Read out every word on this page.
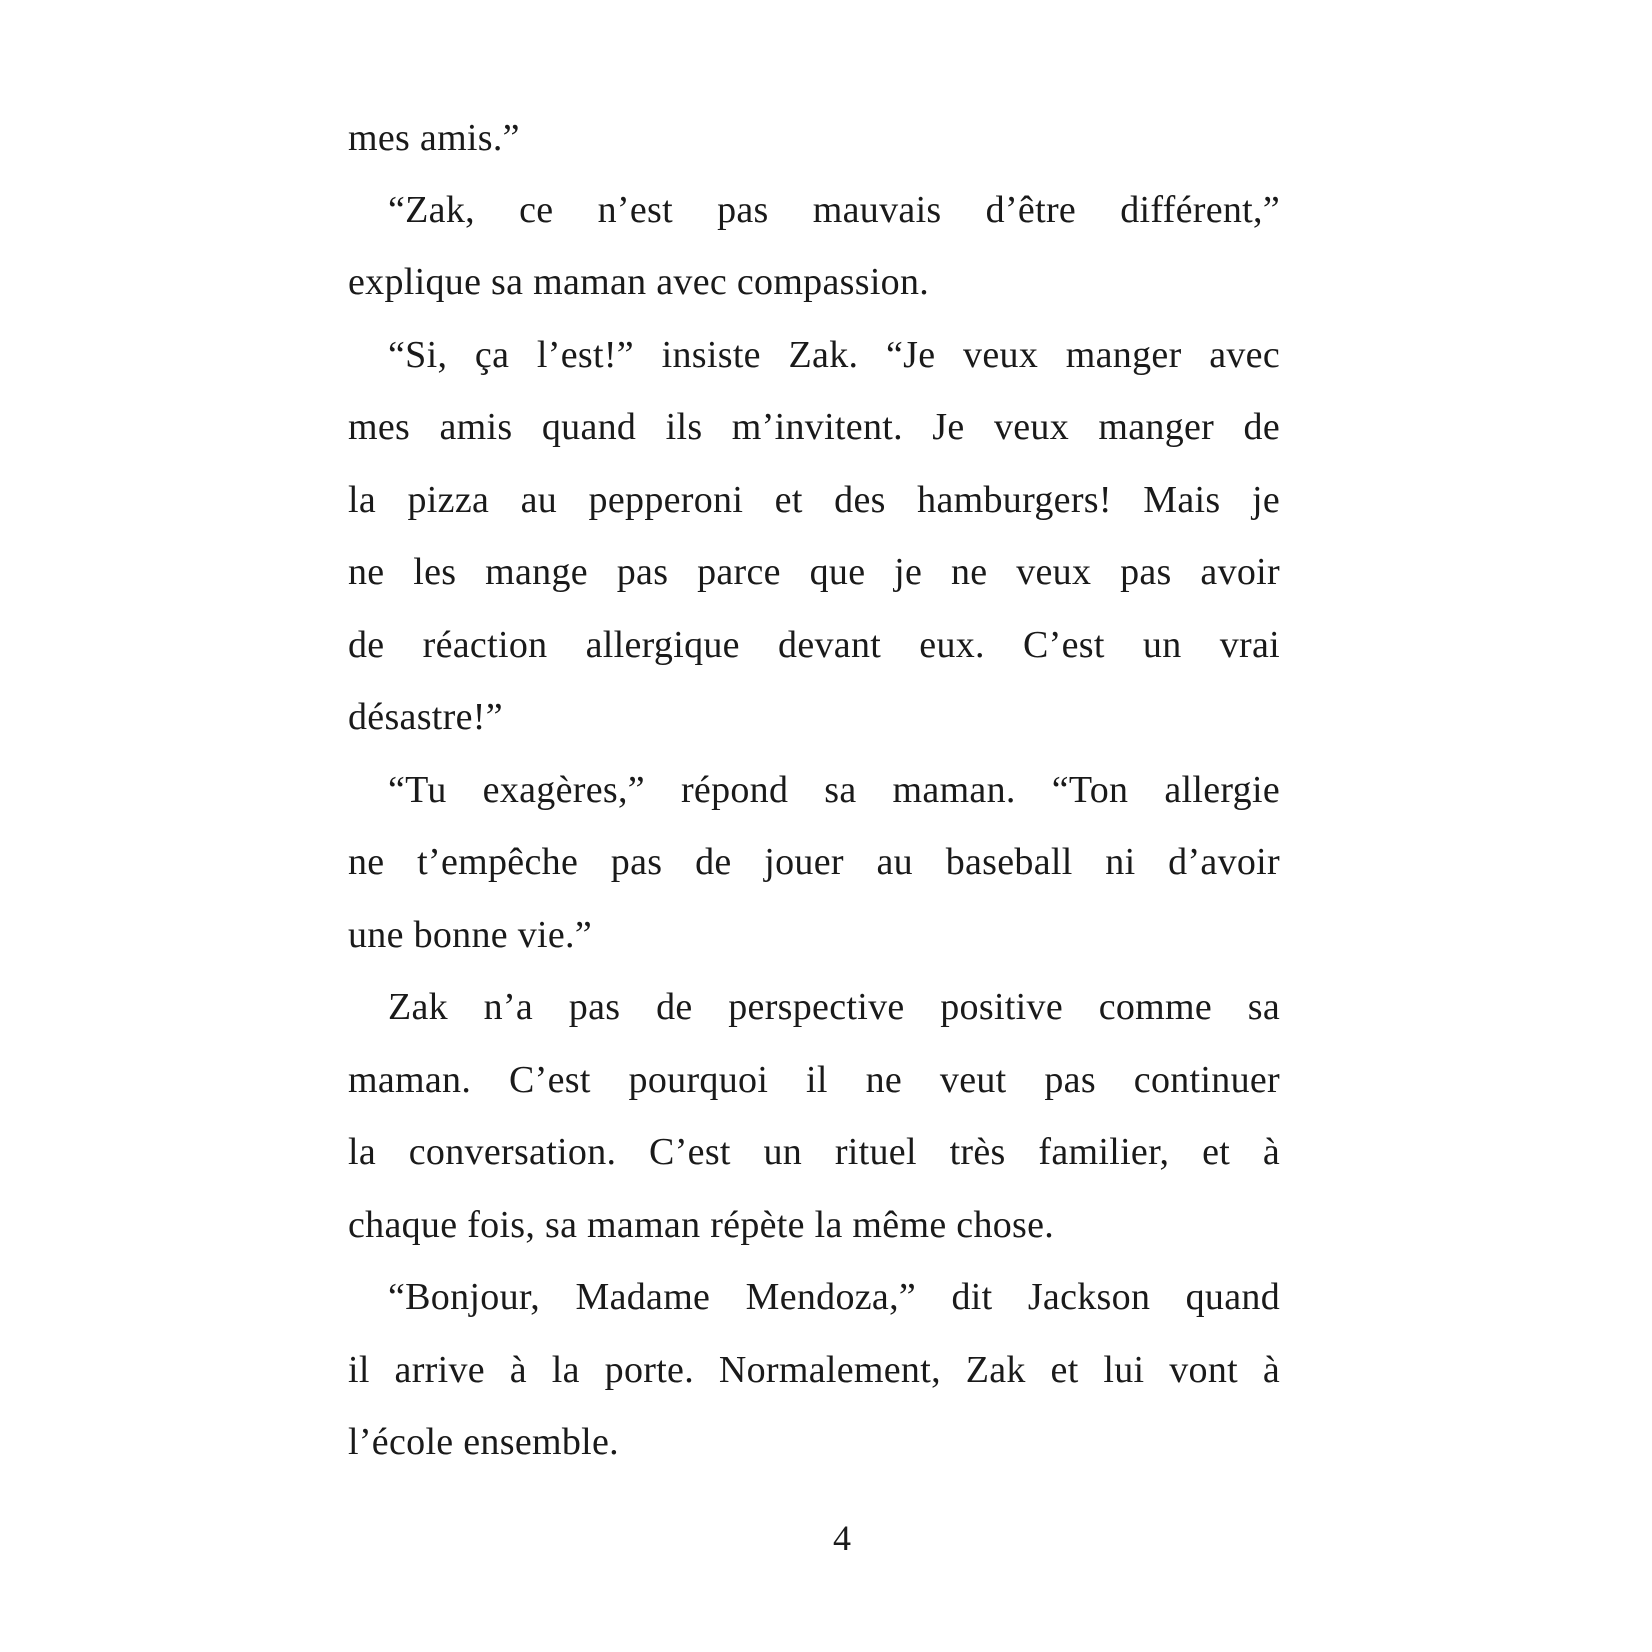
mes amis.”
“Zak, ce n’est pas mauvais d’être différent,”
explique sa maman avec compassion.
“Si, ça l’est!” insiste Zak. “Je veux manger avec
mes amis quand ils m’invitent. Je veux manger de
la pizza au pepperoni et des hamburgers! Mais je
ne les mange pas parce que je ne veux pas avoir
de réaction allergique devant eux. C’est un vrai
désastre!”
“Tu exagères,” répond sa maman. “Ton allergie
ne t’empêche pas de jouer au baseball ni d’avoir
une bonne vie.”
Zak n’a pas de perspective positive comme sa
maman. C’est pourquoi il ne veut pas continuer
la conversation. C’est un rituel très familier, et à
chaque fois, sa maman répète la même chose.
“Bonjour, Madame Mendoza,” dit Jackson quand
il arrive à la porte. Normalement, Zak et lui vont à
l’école ensemble.
4
